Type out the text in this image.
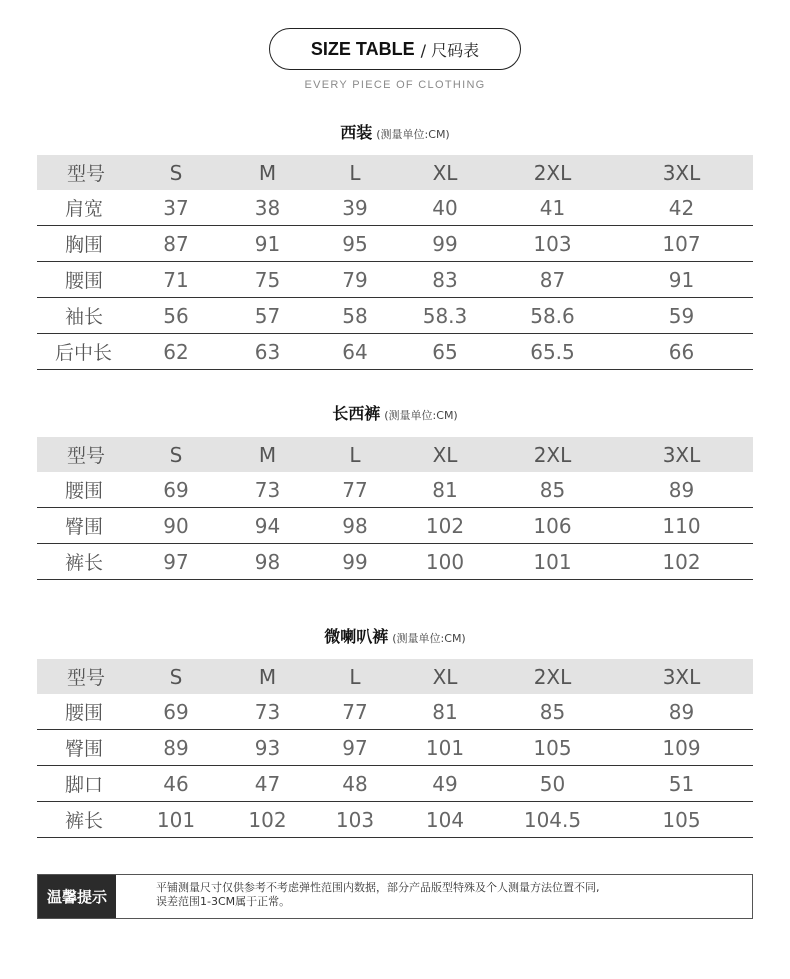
SIZE TABLE / 尺码表
EVERY PIECE OF CLOTHING
西装 (测量单位:CM)
型号	S	M	L	XL	2XL	3XL
肩宽	37	38	39	40	41	42
胸围	87	91	95	99	103	107
腰围	71	75	79	83	87	91
袖长	56	57	58	58.3	58.6	59
后中长	62	63	64	65	65.5	66
长西裤 (测量单位:CM)
型号	S	M	L	XL	2XL	3XL
腰围	69	73	77	81	85	89
臀围	90	94	98	102	106	110
裤长	97	98	99	100	101	102
微喇叭裤 (测量单位:CM)
型号	S	M	L	XL	2XL	3XL
腰围	69	73	77	81	85	89
臀围	89	93	97	101	105	109
脚口	46	47	48	49	50	51
裤长	101	102	103	104	104.5	105
温馨提示
平铺测量尺寸仅供参考不考虑弹性范围内数据，部分产品版型特殊及个人测量方法位置不同,
误差范围1-3CM属于正常。
